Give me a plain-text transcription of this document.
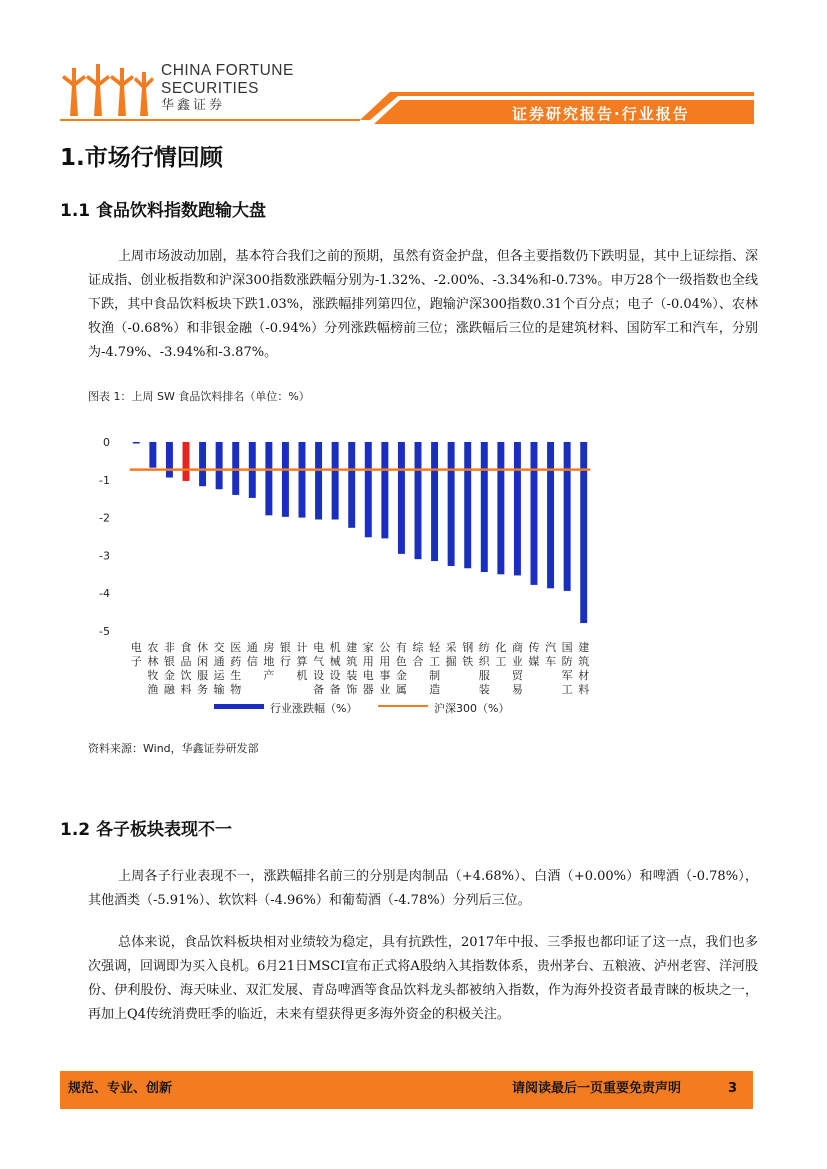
CHINA FORTUNE
SECURITIES
华鑫证券	证券研究报告·行业报告
1.市场行情回顾
1.1 食品饮料指数跑输大盘
上周市场波动加剧，基本符合我们之前的预期，虽然有资金护盘，但各主要指数仍下跌明显，其中上证综指、深证成指、创业板指数和沪深300指数涨跌幅分别为-1.32%、-2.00%、-3.34%和-0.73%。申万28个一级指数也全线下跌，其中食品饮料板块下跌1.03%，涨跌幅排列第四位，跑输沪深300指数0.31个百分点；电子（-0.04%）、农林牧渔（-0.68%）和非银金融（-0.94%）分列涨跌幅榜前三位；涨跌幅后三位的是建筑材料、国防军工和汽车，分别为-4.79%、-3.94%和-3.87%。
图表 1：上周 SW 食品饮料排名（单位：%）
0
-1
-2
-3
-4
-5
电子
农林牧渔
非银金融
食品饮料
休闲服务
交通运输
医药生物
通信
房地产
银行
计算机
电气设备
机械设备
建筑装饰
家用电器
公用事业
有色金属
综合
轻工制造
采掘
钢铁
纺织服装
化工
商业贸易
传媒
汽车
国防军工
建筑材料
行业涨跌幅（%）	沪深300（%）
资料来源：Wind，华鑫证券研发部
1.2 各子板块表现不一
上周各子行业表现不一，涨跌幅排名前三的分别是肉制品（+4.68%）、白酒（+0.00%）和啤酒（-0.78%），其他酒类（-5.91%）、软饮料（-4.96%）和葡萄酒（-4.78%）分列后三位。
总体来说，食品饮料板块相对业绩较为稳定，具有抗跌性，2017年中报、三季报也都印证了这一点，我们也多次强调，回调即为买入良机。6月21日MSCI宣布正式将A股纳入其指数体系，贵州茅台、五粮液、泸州老窖、洋河股份、伊利股份、海天味业、双汇发展、青岛啤酒等食品饮料龙头都被纳入指数，作为海外投资者最青睐的板块之一，再加上Q4传统消费旺季的临近，未来有望获得更多海外资金的积极关注。
规范、专业、创新	请阅读最后一页重要免责声明	3
